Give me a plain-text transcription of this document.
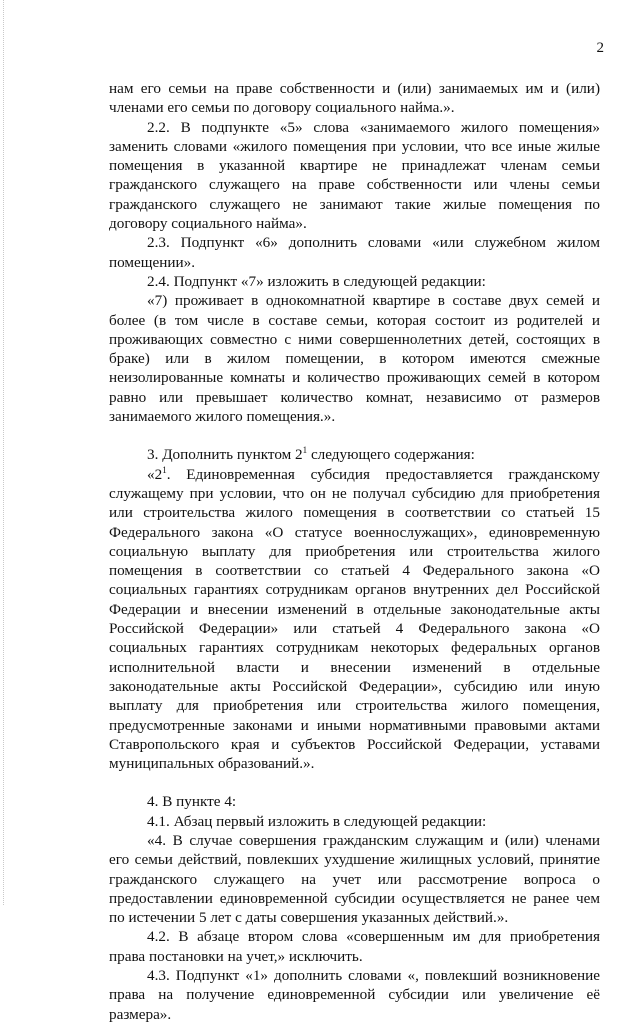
2

нам его семьи на праве собственности и (или) занимаемых им и (или) членами его семьи по договору социального найма.».

2.2. В подпункте «5» слова «занимаемого жилого помещения» заменить словами «жилого помещения при условии, что все иные жилые помещения в указанной квартире не принадлежат членам семьи гражданского служащего на праве собственности или члены семьи гражданского служащего не занимают такие жилые помещения по договору социального найма».

2.3. Подпункт «6» дополнить словами «или служебном жилом помещении».

2.4. Подпункт «7» изложить в следующей редакции:

«7) проживает в однокомнатной квартире в составе двух семей и более (в том числе в составе семьи, которая состоит из родителей и проживающих совместно с ними совершеннолетних детей, состоящих в браке) или в жилом помещении, в котором имеются смежные неизолированные комнаты и количество проживающих семей в котором равно или превышает количество комнат, независимо от размеров занимаемого жилого помещения.».

3. Дополнить пунктом $2^1$ следующего содержания:

«$2^1$. Единовременная субсидия предоставляется гражданскому служащему при условии, что он не получал субсидию для приобретения или строительства жилого помещения в соответствии со статьей 15 Федерального закона «О статусе военнослужащих», единовременную социальную выплату для приобретения или строительства жилого помещения в соответствии со статьей 4 Федерального закона «О социальных гарантиях сотрудникам органов внутренних дел Российской Федерации и внесении изменений в отдельные законодательные акты Российской Федерации» или статьей 4 Федерального закона «О социальных гарантиях сотрудникам некоторых федеральных органов исполнительной власти и внесении изменений в отдельные законодательные акты Российской Федерации», субсидию или иную выплату для приобретения или строительства жилого помещения, предусмотренные законами и иными нормативными правовыми актами Ставропольского края и субъектов Российской Федерации, уставами муниципальных образований.».

4. В пункте 4:

4.1. Абзац первый изложить в следующей редакции:

«4. В случае совершения гражданским служащим и (или) членами его семьи действий, повлекших ухудшение жилищных условий, принятие гражданского служащего на учет или рассмотрение вопроса о предоставлении единовременной субсидии осуществляется не ранее чем по истечении 5 лет с даты совершения указанных действий.».

4.2. В абзаце втором слова «совершенным им для приобретения права постановки на учет,» исключить.

4.3. Подпункт «1» дополнить словами «, повлекший возникновение права на получение единовременной субсидии или увеличение её размера».
